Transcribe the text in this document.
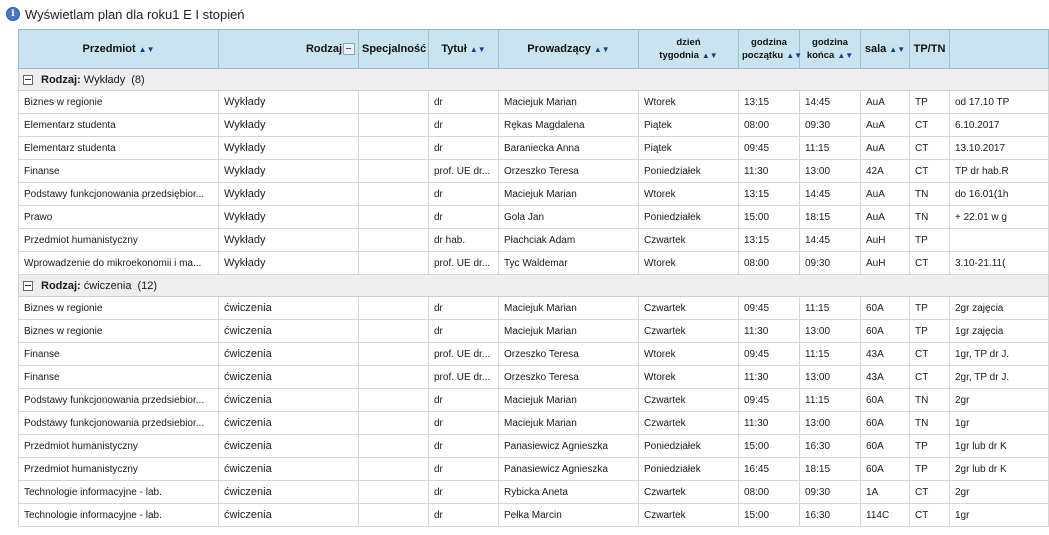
i Wyświetlam plan dla roku1 E I stopień
Przedmiot ▲▼	Rodzaj	Specjalność	Tytuł ▲▼	Prowadzący ▲▼	dzień
tygodnia ▲▼	godzina
początku ▲▼	godzina
końca ▲▼	sala ▲▼	TP/TN	
Rodzaj: Wykłady (8)										
Biznes w regionie	Wykłady		dr	Maciejuk Marian	Wtorek	13:15	14:45	AuA	TP	od 17.10 TP
Elementarz studenta	Wykłady		dr	Rękas Magdalena	Piątek	08:00	09:30	AuA	CT	6.10.2017
Elementarz studenta	Wykłady		dr	Baraniecka Anna	Piątek	09:45	11:15	AuA	CT	13.10.2017
Finanse	Wykłady		prof. UE dr...	Orzeszko Teresa	Poniedziałek	11:30	13:00	42A	CT	TP dr hab.R
Podstawy funkcjonowania przedsiębior...	Wykłady		dr	Maciejuk Marian	Wtorek	13:15	14:45	AuA	TN	do 16.01(1h
Prawo	Wykłady		dr	Gola Jan	Poniedziałek	15:00	18:15	AuA	TN	+ 22.01 w g
Przedmiot humanistyczny	Wykłady		dr hab.	Płachciak Adam	Czwartek	13:15	14:45	AuH	TP	
Wprowadzenie do mikroekonomii i ma...	Wykłady		prof. UE dr...	Tyc Waldemar	Wtorek	08:00	09:30	AuH	CT	3.10-21.11(
Rodzaj: ćwiczenia (12)										
Biznes w regionie	ćwiczenia		dr	Maciejuk Marian	Czwartek	09:45	11:15	60A	TP	2gr zajęcia
Biznes w regionie	ćwiczenia		dr	Maciejuk Marian	Czwartek	11:30	13:00	60A	TP	1gr zajęcia
Finanse	ćwiczenia		prof. UE dr...	Orzeszko Teresa	Wtorek	09:45	11:15	43A	CT	1gr, TP dr J.
Finanse	ćwiczenia		prof. UE dr...	Orzeszko Teresa	Wtorek	11:30	13:00	43A	CT	2gr, TP dr J.
Podstawy funkcjonowania przedsiebior...	ćwiczenia		dr	Maciejuk Marian	Czwartek	09:45	11:15	60A	TN	2gr
Podstawy funkcjonowania przedsiebior...	ćwiczenia		dr	Maciejuk Marian	Czwartek	11:30	13:00	60A	TN	1gr
Przedmiot humanistyczny	ćwiczenia		dr	Panasiewicz Agnieszka	Poniedziałek	15:00	16:30	60A	TP	1gr lub dr K
Przedmiot humanistyczny	ćwiczenia		dr	Panasiewicz Agnieszka	Poniedziałek	16:45	18:15	60A	TP	2gr lub dr K
Technologie informacyjne - lab.	ćwiczenia		dr	Rybicka Aneta	Czwartek	08:00	09:30	1A	CT	2gr
Technologie informacyjne - lab.	ćwiczenia		dr	Pełka Marcin	Czwartek	15:00	16:30	114C	CT	1gr
